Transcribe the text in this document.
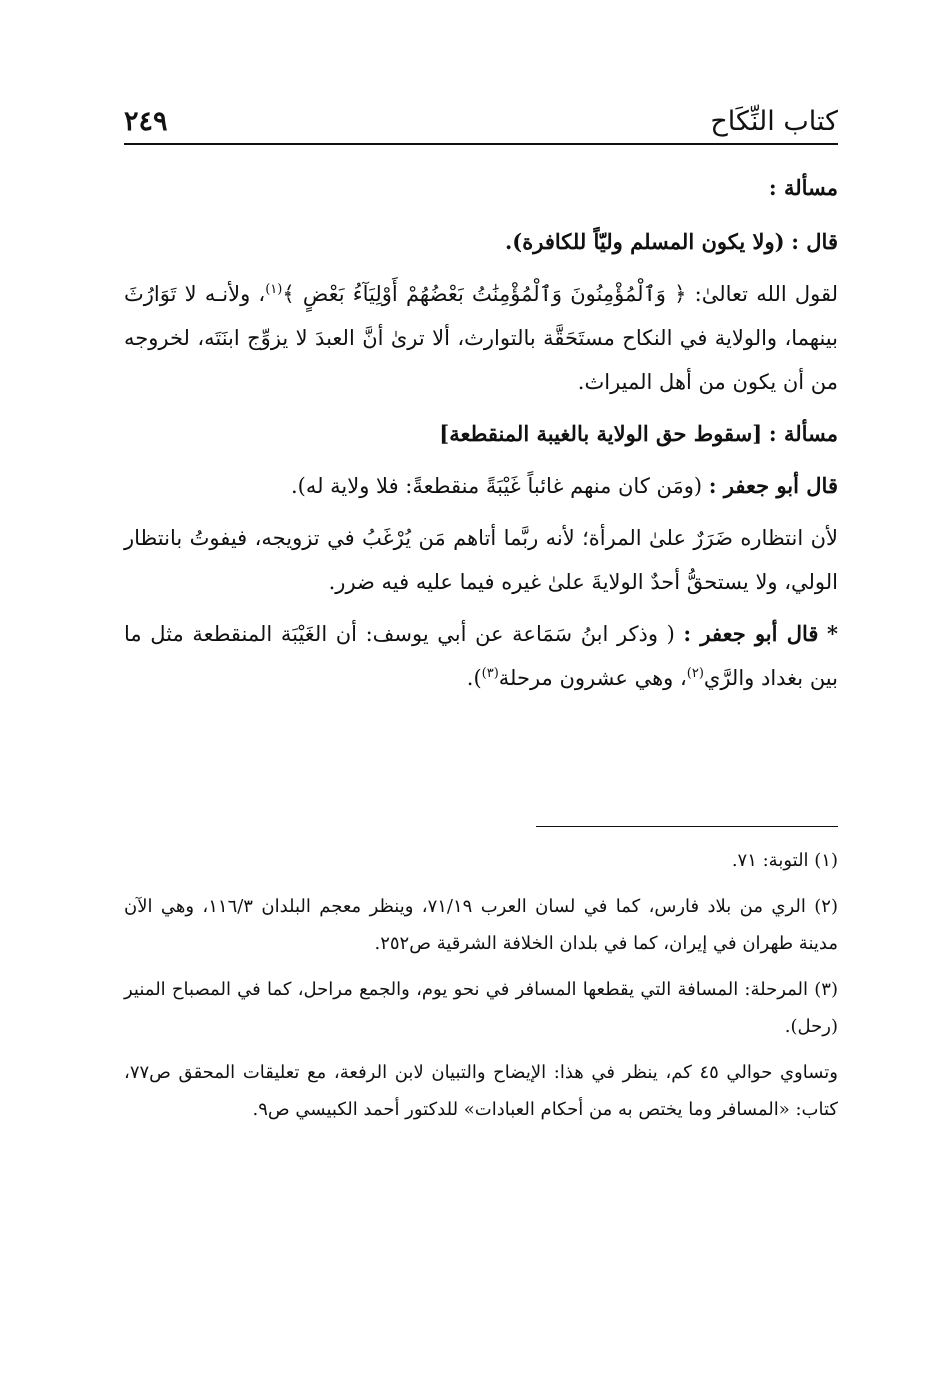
كتاب النِّكَاح
٢٤٩

مسألة :

قال : (ولا يكون المسلم وليّاً للكافرة).

لقول الله تعالىٰ: ﴿ وَٱلْمُؤْمِنُونَ وَٱلْمُؤْمِنَٰتُ بَعْضُهُمْ أَوْلِيَآءُ بَعْضٍ ﴾$^{(١)}$، ولأنـه لا تَوَارُثَ بينهما، والولاية في النكاح مستَحَقَّة بالتوارث، ألا ترىٰ أنَّ العبدَ لا يزوِّج ابنَتَه، لخروجه من أن يكون من أهل الميراث.

مسألة : [سقوط حق الولاية بالغيبة المنقطعة]

قال أبو جعفر : (ومَن كان منهم غائباً غَيْبَةً منقطعةً: فلا ولاية له).

لأن انتظاره ضَرَرٌ علىٰ المرأة؛ لأنه ربَّما أتاهم مَن يُرْغَبُ في تزويجه، فيفوتُ بانتظار الولي، ولا يستحقُّ أحدٌ الولايةَ علىٰ غيره فيما عليه فيه ضرر.

* قال أبو جعفر : ( وذكر ابنُ سَمَاعة عن أبي يوسف: أن الغَيْبَة المنقطعة مثل ما بين بغداد والرَّي$^{(٢)}$، وهي عشرون مرحلة$^{(٣)}$).

(١) التوبة: ٧١.

(٢) الري من بلاد فارس، كما في لسان العرب ٧١/١٩، وينظر معجم البلدان ١١٦/٣، وهي الآن مدينة طهران في إيران، كما في بلدان الخلافة الشرقية ص٢٥٢.

(٣) المرحلة: المسافة التي يقطعها المسافر في نحو يوم، والجمع مراحل، كما في المصباح المنير (رحل).

وتساوي حوالي ٤٥ كم، ينظر في هذا: الإيضاح والتبيان لابن الرفعة، مع تعليقات المحقق ص٧٧، كتاب: «المسافر وما يختص به من أحكام العبادات» للدكتور أحمد الكبيسي ص٩.
